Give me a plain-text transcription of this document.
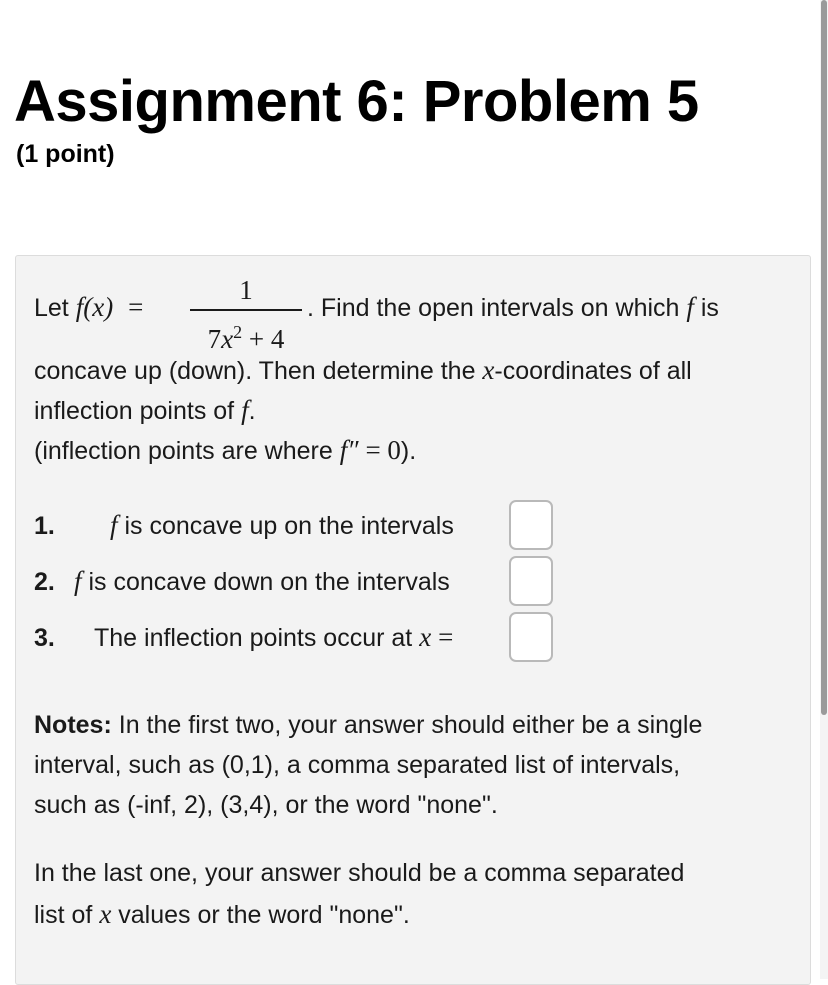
Assignment 6: Problem 5
(1 point)
Let f(x) =
1
$7x^2 + 4$
. Find the open intervals on which f is
concave up (down). Then determine the x-coordinates of all
inflection points of f.
(inflection points are where f″ = 0).
1. f is concave up on the intervals
2. f is concave down on the intervals
3. The inflection points occur at x =
Notes: In the first two, your answer should either be a single
interval, such as (0,1), a comma separated list of intervals,
such as (-inf, 2), (3,4), or the word "none".
In the last one, your answer should be a comma separated
list of x values or the word "none".
